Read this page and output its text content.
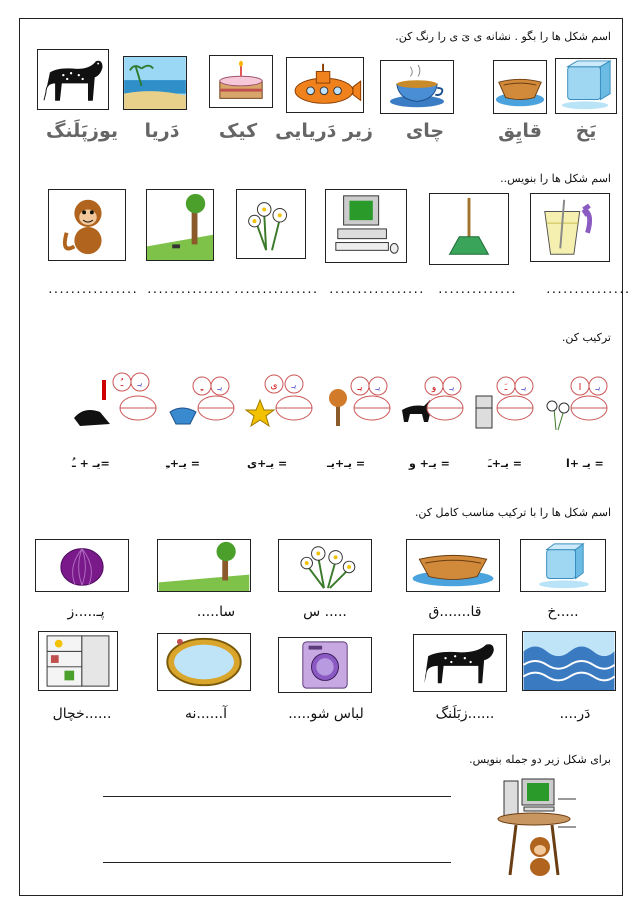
اسم شکل ها را بگو . نشانه ی یَ ی را رنگ کن.
یَخ
قایِق
چای
زیر دَریایی
کیک
دَریا
یوزپَلَنگ
اسم شکل ها را بنویس..
...............
..............
.................
...............
...............
................
ترکیب کن.
ا یـ
ـَ یـ
و یـ
یـ یـ
ی یـ
ـِ یـ
ـُ یـ
یـ +ا =
یـ+ـَ =
یـ+ و =
یـ+یـ =
یـ+ی =
یـ+ـِ =
یـ + ـُ=
اسم شکل ها را با ترکیب مناسب کامل کن.
.....خ
قا.......ق
..... س
سا.....
پـ.....ز
دَر....
......زبَلَنگ
لباس شو.....
آ......نه
......خچال
برای شکل زیر دو جمله بنویس.
